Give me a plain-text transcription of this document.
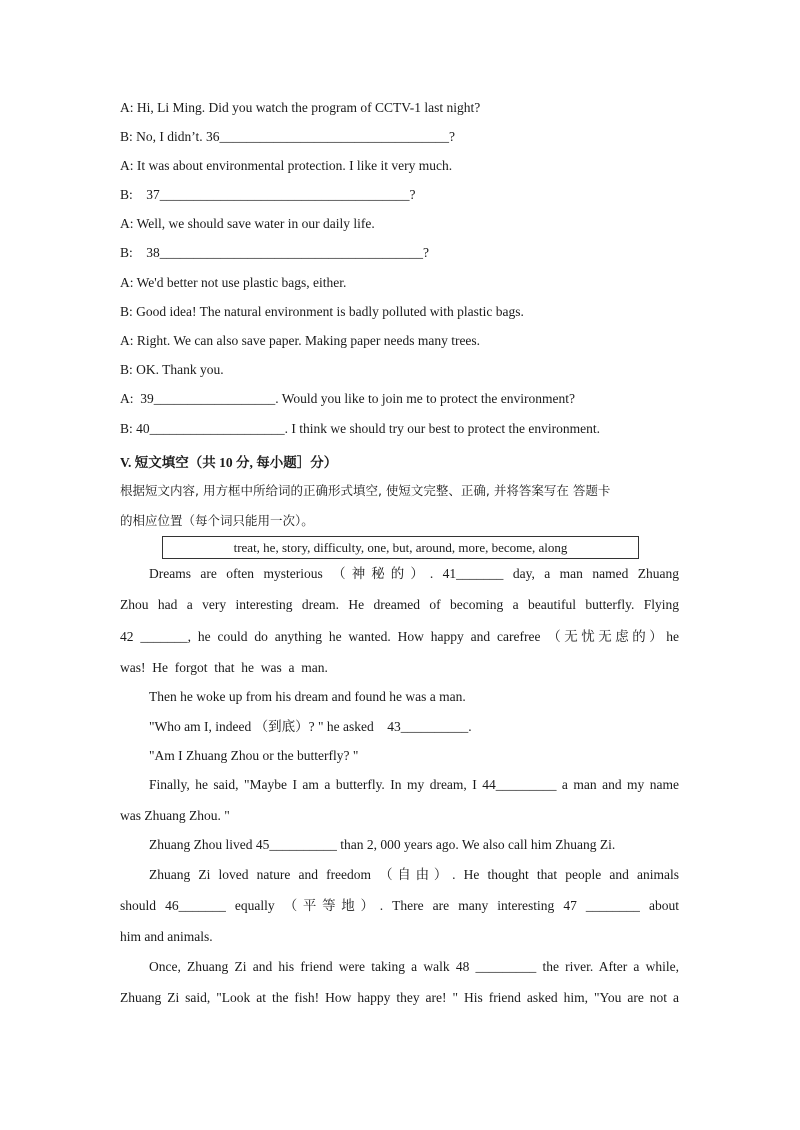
A: Hi, Li Ming. Did you watch the program of CCTV-1 last night?
B: No, I didn’t. 36__________________________________?
A: It was about environmental protection. I like it very much.
B:    37_____________________________________?
A: Well, we should save water in our daily life.
B:    38_______________________________________?
A: We'd better not use plastic bags, either.
B: Good idea! The natural environment is badly polluted with plastic bags.
A: Right. We can also save paper. Making paper needs many trees.
B: OK. Thank you.
A:  39__________________. Would you like to join me to protect the environment?
B: 40____________________. I think we should try our best to protect the environment.
V. 短文填空（共 10 分, 每小题］分）
根据短文内容, 用方框中所给词的正确形式填空, 使短文完整、正确, 并将答案写在 答题卡
的相应位置（每个词只能用一次）。
treat, he, story, difficulty, one, but, around, more, become, along
Dreams are often mysterious （神秘的）. 41_______ day, a man named Zhuang
Zhou had a very interesting dream. He dreamed of becoming a beautiful butterfly. Flying
42 _______, he could do anything he wanted. How happy and carefree （无忧无虑的）he
was!  He  forgot  that  he  was  a  man.
Then he woke up from his dream and found he was a man.
"Who am I, indeed （到底）? " he asked    43__________.
"Am I Zhuang Zhou or the butterfly? "
Finally, he said, "Maybe I am a butterfly. In my dream, I 44_________ a man and my name
was Zhuang Zhou. "
Zhuang Zhou lived 45__________ than 2, 000 years ago. We also call him Zhuang Zi.
Zhuang Zi loved nature and freedom （自由）. He thought that people and animals
should 46_______ equally （平等地）. There are many interesting 47 ________ about
him and animals.
Once, Zhuang Zi and his friend were taking a walk 48 _________ the river. After a while,
Zhuang Zi said, "Look at the fish! How happy they are! " His friend asked him, "You are not a
